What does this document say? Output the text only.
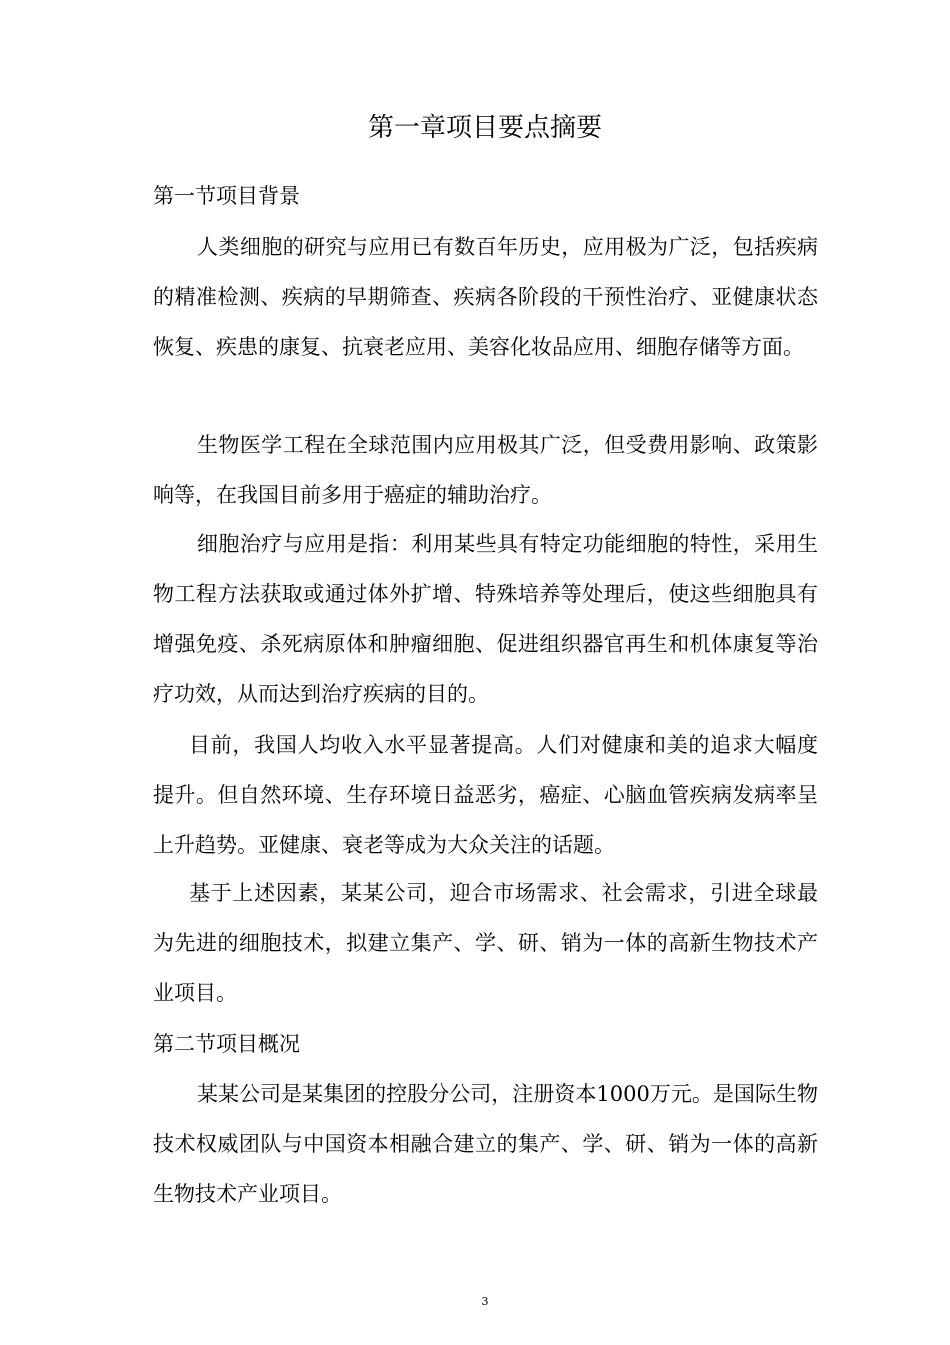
第一章项目要点摘要
第一节项目背景

人类细胞的研究与应用已有数百年历史，应用极为广泛，包括疾病的精准检测、疾病的早期筛查、疾病各阶段的干预性治疗、亚健康状态恢复、疾患的康复、抗衰老应用、美容化妆品应用、细胞存储等方面。

生物医学工程在全球范围内应用极其广泛，但受费用影响、政策影响等，在我国目前多用于癌症的辅助治疗。

细胞治疗与应用是指：利用某些具有特定功能细胞的特性，采用生物工程方法获取或通过体外扩增、特殊培养等处理后，使这些细胞具有增强免疫、杀死病原体和肿瘤细胞、促进组织器官再生和机体康复等治疗功效，从而达到治疗疾病的目的。

目前，我国人均收入水平显著提高。人们对健康和美的追求大幅度提升。但自然环境、生存环境日益恶劣，癌症、心脑血管疾病发病率呈上升趋势。亚健康、衰老等成为大众关注的话题。

基于上述因素，某某公司，迎合市场需求、社会需求，引进全球最为先进的细胞技术，拟建立集产、学、研、销为一体的高新生物技术产业项目。

第二节项目概况

某某公司是某集团的控股分公司，注册资本1000万元。是国际生物技术权威团队与中国资本相融合建立的集产、学、研、销为一体的高新生物技术产业项目。

3
